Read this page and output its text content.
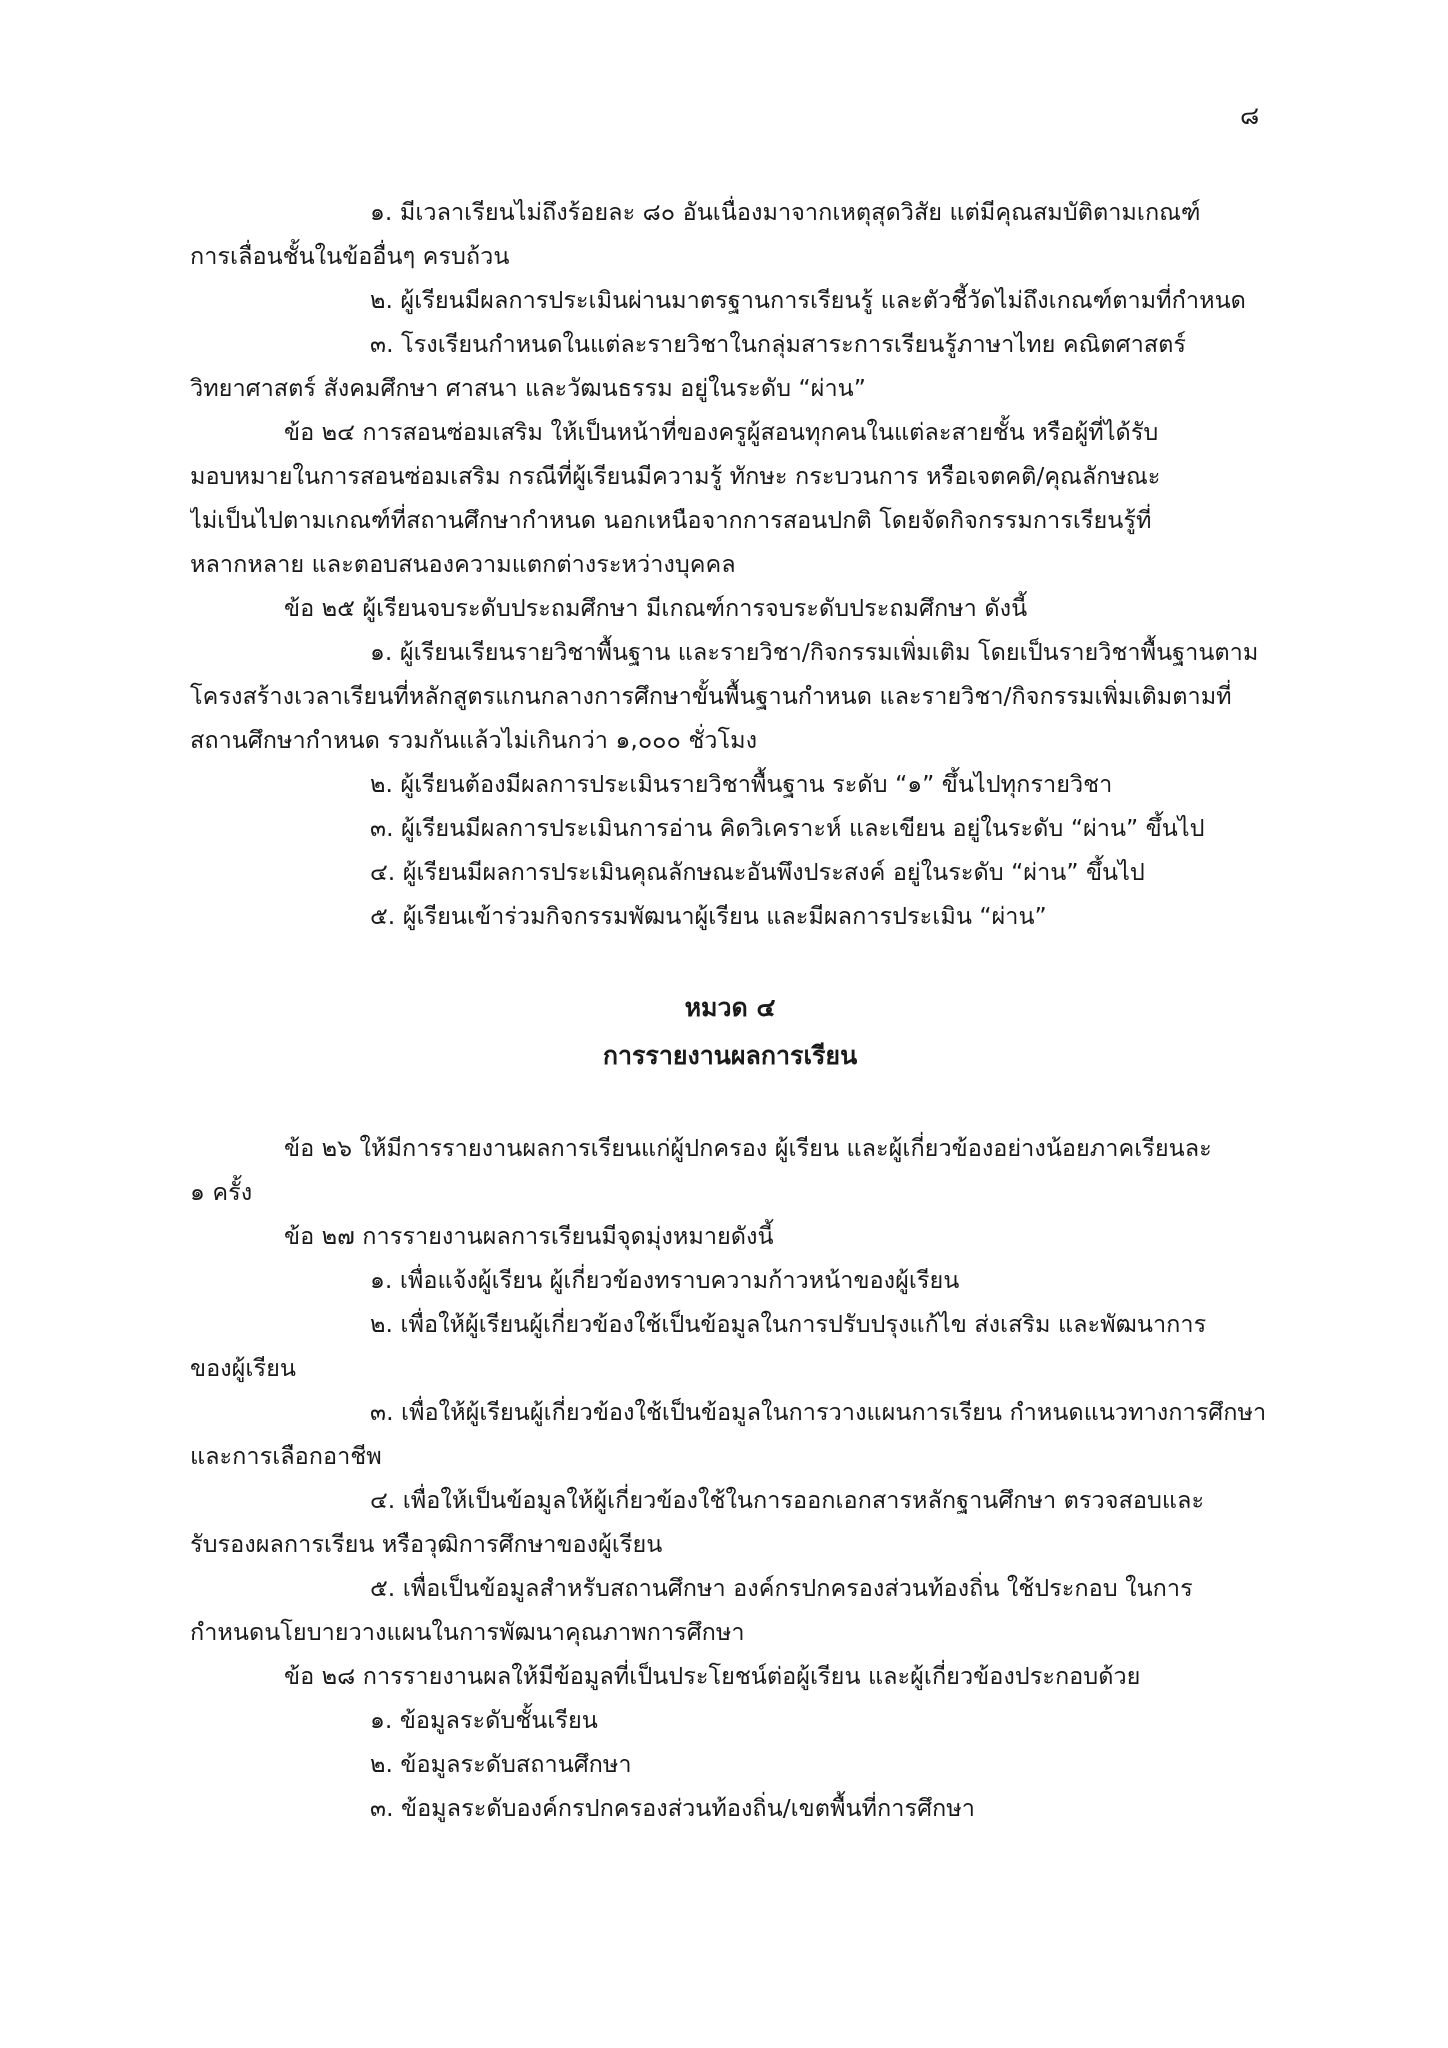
๘
๑. มีเวลาเรียนไม่ถึงร้อยละ ๘๐ อันเนื่องมาจากเหตุสุดวิสัย แต่มีคุณสมบัติตามเกณฑ์
การเลื่อนชั้นในข้ออื่นๆ ครบถ้วน
๒. ผู้เรียนมีผลการประเมินผ่านมาตรฐานการเรียนรู้ และตัวชี้วัดไม่ถึงเกณฑ์ตามที่กำหนด
๓. โรงเรียนกำหนดในแต่ละรายวิชาในกลุ่มสาระการเรียนรู้ภาษาไทย คณิตศาสตร์
วิทยาศาสตร์ สังคมศึกษา ศาสนา และวัฒนธรรม อยู่ในระดับ “ผ่าน”
ข้อ ๒๔ การสอนซ่อมเสริม ให้เป็นหน้าที่ของครูผู้สอนทุกคนในแต่ละสายชั้น หรือผู้ที่ได้รับ
มอบหมายในการสอนซ่อมเสริม กรณีที่ผู้เรียนมีความรู้ ทักษะ กระบวนการ หรือเจตคติ/คุณลักษณะ
ไม่เป็นไปตามเกณฑ์ที่สถานศึกษากำหนด นอกเหนือจากการสอนปกติ โดยจัดกิจกรรมการเรียนรู้ที่
หลากหลาย และตอบสนองความแตกต่างระหว่างบุคคล
ข้อ ๒๕ ผู้เรียนจบระดับประถมศึกษา มีเกณฑ์การจบระดับประถมศึกษา ดังนี้
๑. ผู้เรียนเรียนรายวิชาพื้นฐาน และรายวิชา/กิจกรรมเพิ่มเติม โดยเป็นรายวิชาพื้นฐานตาม
โครงสร้างเวลาเรียนที่หลักสูตรแกนกลางการศึกษาขั้นพื้นฐานกำหนด และรายวิชา/กิจกรรมเพิ่มเติมตามที่
สถานศึกษากำหนด รวมกันแล้วไม่เกินกว่า ๑,๐๐๐ ชั่วโมง
๒. ผู้เรียนต้องมีผลการประเมินรายวิชาพื้นฐาน ระดับ “๑” ขึ้นไปทุกรายวิชา
๓. ผู้เรียนมีผลการประเมินการอ่าน คิดวิเคราะห์ และเขียน อยู่ในระดับ “ผ่าน” ขึ้นไป
๔. ผู้เรียนมีผลการประเมินคุณลักษณะอันพึงประสงค์ อยู่ในระดับ “ผ่าน” ขึ้นไป
๕. ผู้เรียนเข้าร่วมกิจกรรมพัฒนาผู้เรียน และมีผลการประเมิน “ผ่าน”
หมวด ๔
การรายงานผลการเรียน
ข้อ ๒๖ ให้มีการรายงานผลการเรียนแก่ผู้ปกครอง ผู้เรียน และผู้เกี่ยวข้องอย่างน้อยภาคเรียนละ
๑ ครั้ง
ข้อ ๒๗ การรายงานผลการเรียนมีจุดมุ่งหมายดังนี้
๑. เพื่อแจ้งผู้เรียน ผู้เกี่ยวข้องทราบความก้าวหน้าของผู้เรียน
๒. เพื่อให้ผู้เรียนผู้เกี่ยวข้องใช้เป็นข้อมูลในการปรับปรุงแก้ไข ส่งเสริม และพัฒนาการ
ของผู้เรียน
๓. เพื่อให้ผู้เรียนผู้เกี่ยวข้องใช้เป็นข้อมูลในการวางแผนการเรียน กำหนดแนวทางการศึกษา
และการเลือกอาชีพ
๔. เพื่อให้เป็นข้อมูลให้ผู้เกี่ยวข้องใช้ในการออกเอกสารหลักฐานศึกษา ตรวจสอบและ
รับรองผลการเรียน หรือวุฒิการศึกษาของผู้เรียน
๕. เพื่อเป็นข้อมูลสำหรับสถานศึกษา องค์กรปกครองส่วนท้องถิ่น ใช้ประกอบ ในการ
กำหนดนโยบายวางแผนในการพัฒนาคุณภาพการศึกษา
ข้อ ๒๘ การรายงานผลให้มีข้อมูลที่เป็นประโยชน์ต่อผู้เรียน และผู้เกี่ยวข้องประกอบด้วย
๑. ข้อมูลระดับชั้นเรียน
๒. ข้อมูลระดับสถานศึกษา
๓. ข้อมูลระดับองค์กรปกครองส่วนท้องถิ่น/เขตพื้นที่การศึกษา
